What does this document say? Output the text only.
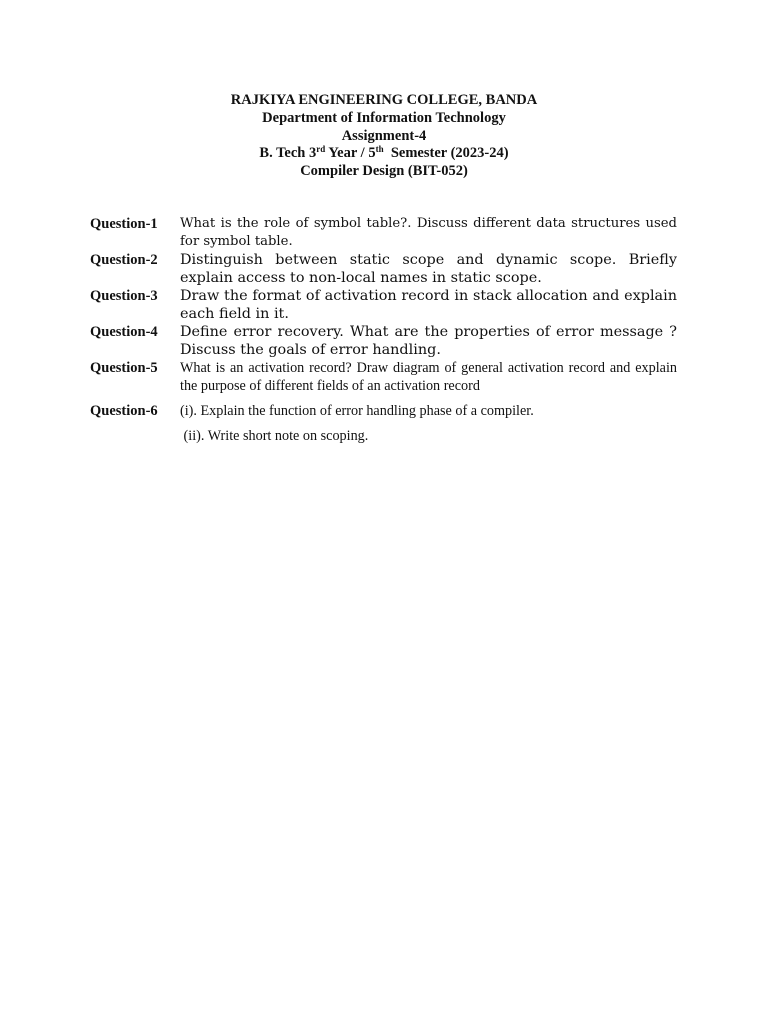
RAJKIYA ENGINEERING COLLEGE, BANDA
Department of Information Technology
Assignment-4
B. Tech 3rd Year / 5th  Semester (2023-24)
Compiler Design (BIT-052)
Question-1 What is the role of symbol table?. Discuss different data structures used for symbol table.
Question-2 Distinguish between static scope and dynamic scope. Briefly explain access to non-local names in static scope.
Question-3 Draw the format of activation record in stack allocation and explain each field in it.
Question-4 Define error recovery. What are the properties of error message ? Discuss the goals of error handling.
Question-5 What is an activation record? Draw diagram of general activation record and explain the purpose of different fields of an activation record
Question-6 (i). Explain the function of error handling phase of a compiler.
(ii). Write short note on scoping.
